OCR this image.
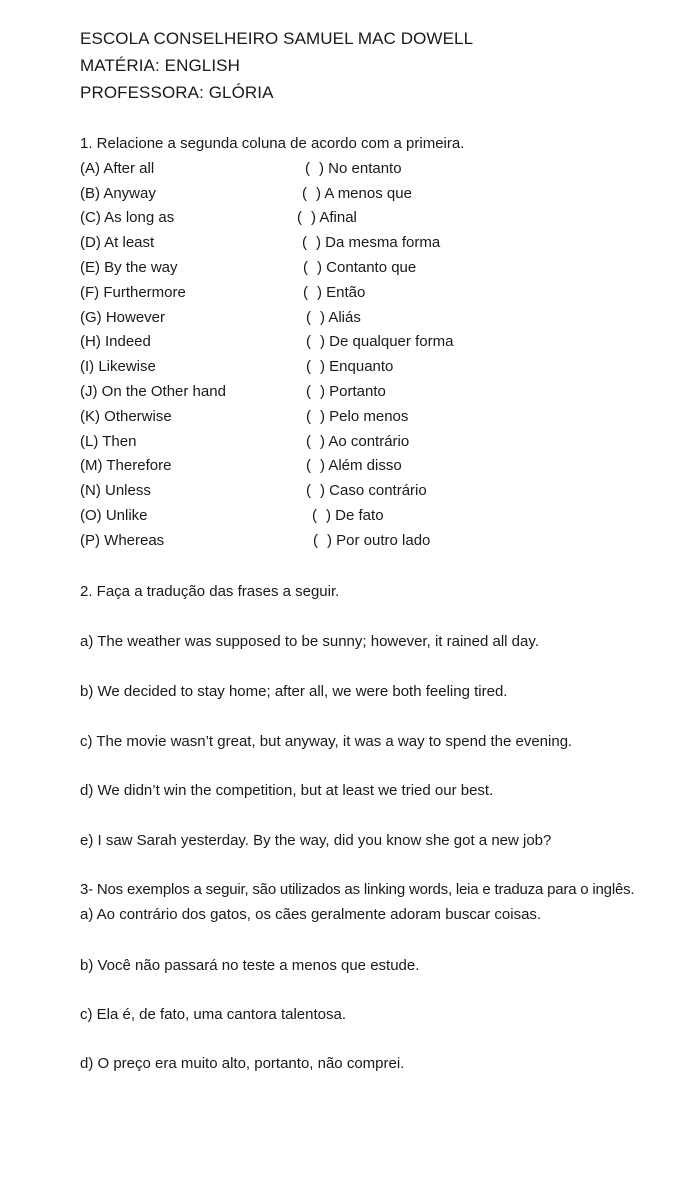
ESCOLA CONSELHEIRO SAMUEL MAC DOWELL
MATÉRIA: ENGLISH
PROFESSORA: GLÓRIA
1. Relacione a segunda coluna de acordo com a primeira.
(A) After all
(B) Anyway
(C) As long as
(D) At least
(E) By the way
(F) Furthermore
(G) However
(H) Indeed
(I) Likewise
(J) On the Other hand
(K) Otherwise
(L) Then
(M) Therefore
(N) Unless
(O) Unlike
(P) Whereas
( ) No entanto
( ) A menos que
( ) Afinal
( ) Da mesma forma
( ) Contanto que
( ) Então
( ) Aliás
( ) De qualquer forma
( ) Enquanto
( ) Portanto
( ) Pelo menos
( ) Ao contrário
( ) Além disso
( ) Caso contrário
( ) De fato
( ) Por outro lado
2. Faça a tradução das frases a seguir.
a) The weather was supposed to be sunny; however, it rained all day.
b) We decided to stay home; after all, we were both feeling tired.
c) The movie wasn’t great, but anyway, it was a way to spend the evening.
d) We didn’t win the competition, but at least we tried our best.
e) I saw Sarah yesterday. By the way, did you know she got a new job?
3- Nos exemplos a seguir, são utilizados as linking words, leia e traduza para o inglês.
a) Ao contrário dos gatos, os cães geralmente adoram buscar coisas.
b) Você não passará no teste a menos que estude.
c) Ela é, de fato, uma cantora talentosa.
d) O preço era muito alto, portanto, não comprei.
